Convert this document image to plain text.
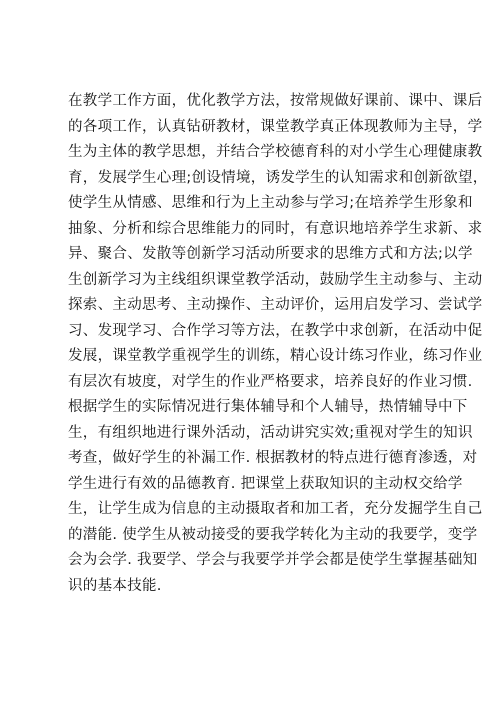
在教学工作方面，优化教学方法，按常规做好课前、课中、课后
的各项工作，认真钻研教材，课堂教学真正体现教师为主导，学
生为主体的教学思想，并结合学校德育科的对小学生心理健康教
育，发展学生心理;创设情境，诱发学生的认知需求和创新欲望，
使学生从情感、思维和行为上主动参与学习;在培养学生形象和
抽象、分析和综合思维能力的同时，有意识地培养学生求新、求
异、聚合、发散等创新学习活动所要求的思维方式和方法;以学
生创新学习为主线组织课堂教学活动，鼓励学生主动参与、主动
探索、主动思考、主动操作、主动评价，运用启发学习、尝试学
习、发现学习、合作学习等方法，在教学中求创新，在活动中促
发展，课堂教学重视学生的训练，精心设计练习作业，练习作业
有层次有坡度，对学生的作业严格要求，培养良好的作业习惯.
根据学生的实际情况进行集体辅导和个人辅导，热情辅导中下
生，有组织地进行课外活动，活动讲究实效;重视对学生的知识
考查，做好学生的补漏工作. 根据教材的特点进行德育渗透，对
学生进行有效的品德教育. 把课堂上获取知识的主动权交给学
生，让学生成为信息的主动摄取者和加工者，充分发掘学生自己
的潜能. 使学生从被动接受的要我学转化为主动的我要学，变学
会为会学. 我要学、学会与我要学并学会都是使学生掌握基础知
识的基本技能.
